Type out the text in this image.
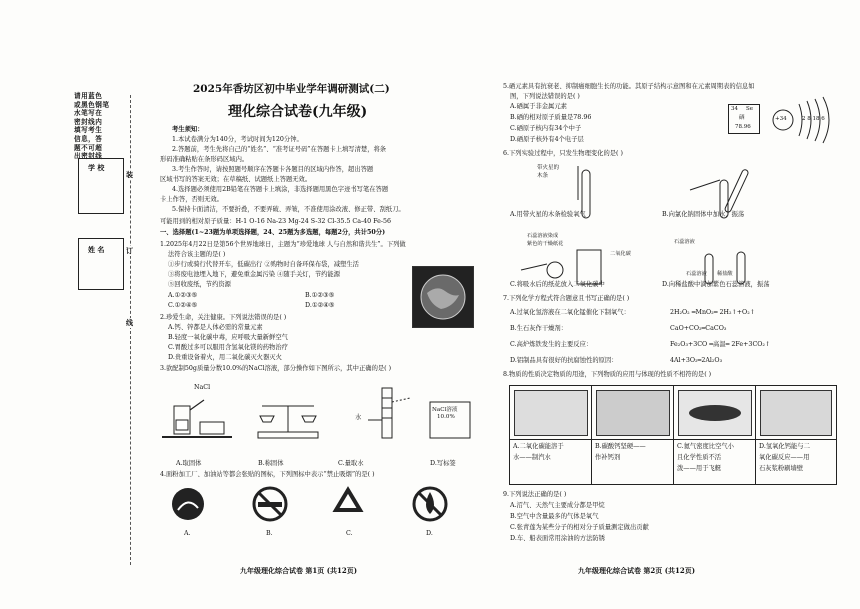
请用蓝色
或黑色钢笔
水笔写在
密封线内
填写考生
信息，答
题不可超
出密封线
学 校
姓 名
装
订
线
2025年香坊区初中毕业学年调研测试(二)
理化综合试卷(九年级)
考生须知：
1.本试卷满分为140分，考试时间为120分钟。
2.答题前，考生先将自己的“姓名”、“准考证号码”在答题卡上填写清楚，将条
形码准确粘贴在条形码区域内。
3.考生作答时，请按照题号顺序在答题卡各题目的区域内作答，超出答题
区域书写的答案无效；在草稿纸、试题纸上答题无效。
4.选择题必须使用2B铅笔在答题卡上填涂，非选择题用黑色字迹书写笔在答题
卡上作答，否则无效。
5.保持卡面清洁，不要折叠，不要弄破、弄皱，不准使用涂改液、修正带、刮纸刀。
可能用到的相对原子质量：H-1 O-16 Na-23 Mg-24 S-32 Cl-35.5 Ca-40 Fe-56
一、选择题(1~23题为单项选择题，24、25题为多选题，每题2分，共计50分)
1.2025年4月22日是第56个世界地球日，主题为“珍爱地球 人与自然和谐共生”。下列做
法符合该主题的是( )
①步行或骑行代替开车，低碳出行 ②购物时自备环保布袋，减塑生活
③将废电池埋入地下，避免重金属污染 ④随手关灯，节约能源
⑤回收废纸，节约资源
A.①②③⑤	B.①②③⑤
C.①②④⑤	D.①②④⑤
2.珍爱生命，关注健康。下列说法错误的是( )
A.钙、锌都是人体必需的常量元素
B.轻度一氧化碳中毒，应呼吸大量新鲜空气
C.胃酸过多可以服用含氢氧化镁的药物治疗
D.贵重设备着火，用二氧化碳灭火器灭火
3.欲配制50g质量分数10.0%的NaCl溶液，部分操作如下图所示，其中正确的是( )
NaCl
水
NaCl溶液
10.0%
A.取固体	B.称固体	C.量取水	D.写标签
4.面粉加工厂、加油站等都会张贴的图标，下列图标中表示“禁止吸烟”的是( )
A.	B.	C.	D.
九年级理化综合试卷 第1页 (共12页)
5.硒元素具有抗衰老、抑制癌细胞生长的功能。其原子结构示意图和在元素周期表的信息如
图，下列说法错误的是( )
A.硒属于非金属元素
B.硒的相对原子质量是78.96
C.硒原子核内有34个中子
D.硒原子核外有4个电子层
34 Se
硒
78.96
+34	2 8 18 6
6.下列实验过程中，只发生物理变化的是( )
带火星的
木条
A.用带火星的木条检验氧气	B.向氯化钠固体中加水，振荡
石蕊溶液染成
紫色的干燥纸花
二氧化碳
石蕊溶液
石蕊溶液 稀盐酸
C.将吸水后的纸花放入二氧化碳中	D.向稀盐酸中滴加紫色石蕊溶液，振荡
7.下列化学方程式符合题意且书写正确的是( )
A.过氧化氢溶液在二氧化锰催化下制氧气：	2H₂O₂ ═MnO₂═ 2H₂↑+O₂↑
B.生石灰作干燥剂：	CaO+CO₂═CaCO₃
C.高炉炼铁发生的主要反应：	Fe₂O₃+3CO ═高温═ 2Fe+3CO₂↑
D.铝制品具有很好的抗腐蚀性的原因：	4Al+3O₂═2Al₂O₃
8.物质的性质决定物质的用途，下列物质的应用与体现的性质不相符的是( )
A.二氧化碳能溶于
水——制汽水
B.碳酸钙坚硬——
作补钙剂
C.氦气密度比空气小
且化学性质不活
泼——用于飞艇
D.氢氧化钙能与二
氧化碳反应——用
石灰浆粉刷墙壁
9.下列说法正确的是( )
A.沼气、天然气主要成分都是甲烷
B.空气中含量最多的气体是氧气
C.张青莲为某些分子的相对分子质量测定做出贡献
D.车、船表面常用涂油的方法防锈
九年级理化综合试卷 第2页 (共12页)
